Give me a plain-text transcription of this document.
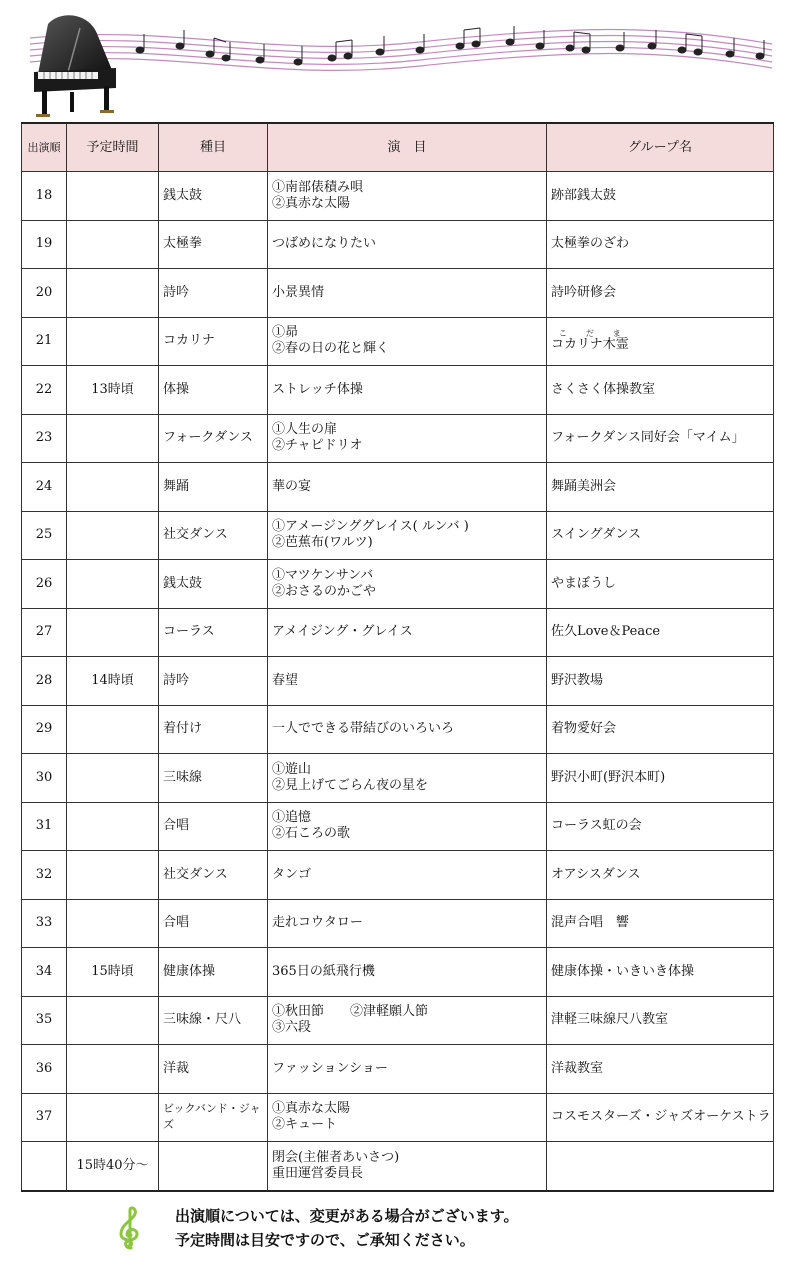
出演順	予定時間	種目	演　目	グループ名
18		銭太鼓	①南部俵積み唄
②真赤な太陽	跡部銭太鼓
19		太極拳	つばめになりたい	太極拳のざわ
20		詩吟	小景異情	詩吟研修会
21		コカリナ	①昴
②春の日の花と輝く	コカリナ木霊こだま
22	13時頃	体操	ストレッチ体操	さくさく体操教室
23		フォークダンス	①人生の扉
②チャピドリオ	フォークダンス同好会「マイム」
24		舞踊	華の宴	舞踊美洲会
25		社交ダンス	①アメージンググレイス( ルンバ )
②芭蕉布(ワルツ)	スイングダンス
26		銭太鼓	①マツケンサンバ
②おさるのかごや	やまぼうし
27		コーラス	アメイジング・グレイス	佐久Love＆Peace
28	14時頃	詩吟	春望	野沢教場
29		着付け	一人でできる帯結びのいろいろ	着物愛好会
30		三味線	①遊山
②見上げてごらん夜の星を	野沢小町(野沢本町)
31		合唱	①追憶
②石ころの歌	コーラス虹の会
32		社交ダンス	タンゴ	オアシスダンス
33		合唱	走れコウタロー	混声合唱　響
34	15時頃	健康体操	365日の紙飛行機	健康体操・いきいき体操
35		三味線・尺八	①秋田節　　②津軽願人節
③六段	津軽三味線尺八教室
36		洋裁	ファッションショー	洋裁教室
37		ビックバンド・ジャズ	①真赤な太陽
②キュート	コスモスターズ・ジャズオーケストラ
	15時40分～		閉会(主催者あいさつ)
重田運営委員長	

出演順については、変更がある場合がございます。
予定時間は目安ですので、ご承知ください。
